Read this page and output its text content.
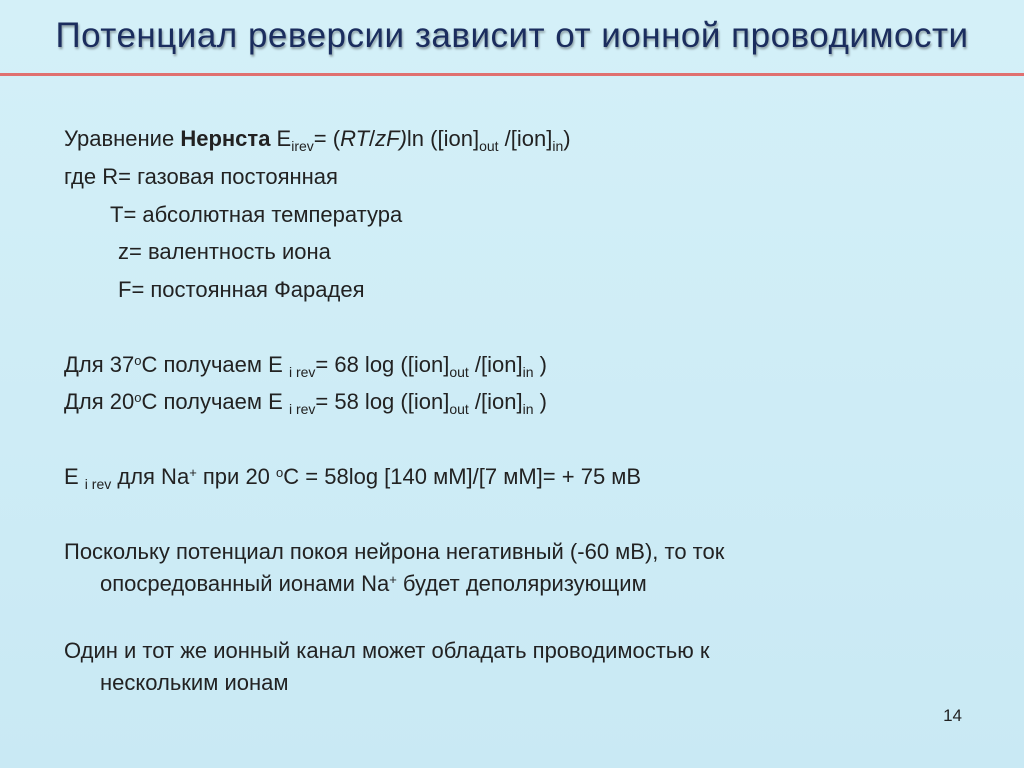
Потенциал реверсии зависит от ионной проводимости
Уравнение Нернста $E_{irev}= (RT/zF)\ln$ ($[ion]_{out}$ $/[ion]_{in}$)
где R= газовая постоянная
T= абсолютная температура
z= валентность иона
F= постоянная Фарадея
Для 37$^o$C получаем E $_{i rev}$= 68 $\log ([ion]_{out}$ $/[ion]_{in}$ )
Для 20$^o$C получаем E $_{i rev}$= 58 $\log ([ion]_{out}$ $/[ion]_{in}$ )
E $_{i rev}$ для Na+ при 20 $^o$C = 58log [140 мМ]/[7 мМ]= + 75 мВ
Поскольку потенциал покоя нейрона негативный (-60 мВ), то ток
опосредованный ионами Na+ будет деполяризующим
Один и тот же ионный канал может обладать проводимостью к
нескольким ионам
14
